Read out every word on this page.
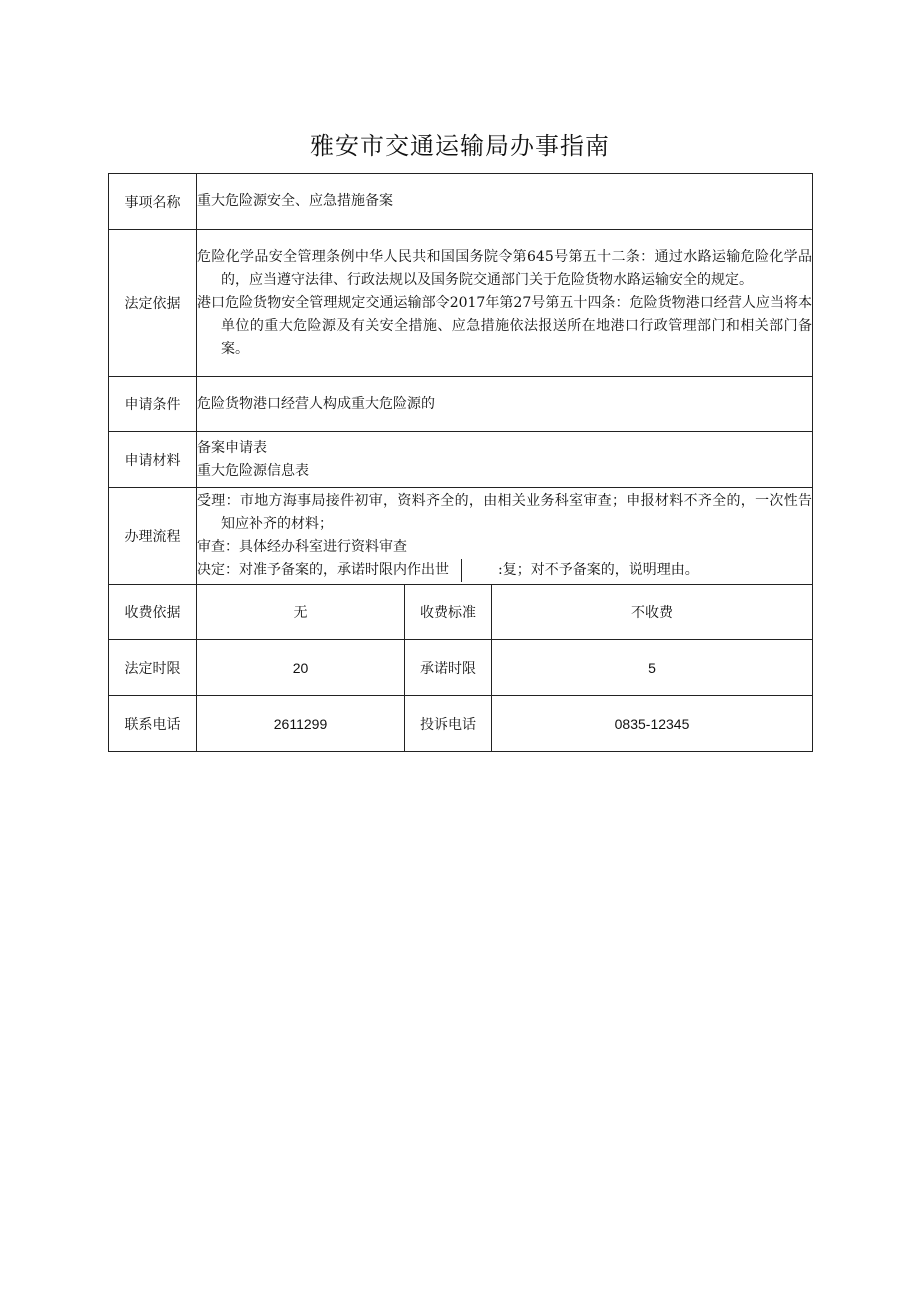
雅安市交通运输局办事指南
事项名称	重大危险源安全、应急措施备案		
法定依据	危险化学品安全管理条例中华人民共和国国务院令第645号第五十二条：通过水路运输危险化学品的，应当遵守法律、行政法规以及国务院交通部门关于危险货物水路运输安全的规定。
港口危险货物安全管理规定交通运输部令2017年第27号第五十四条：危险货物港口经营人应当将本单位的重大危险源及有关安全措施、应急措施依法报送所在地港口行政管理部门和相关部门备案。		

申请条件	危险货物港口经营人构成重大危险源的		
申请材料	备案申请表
重大危险源信息表		

办理流程	受理：市地方海事局接件初审，资料齐全的，由相关业务科室审查；申报材料不齐全的，一次性告知应补齐的材料；
审查：具体经办科室进行资料审查
决定：对准予备案的，承诺时限内作出世 :复；对不予备案的，说明理由。		

收费依据	无	收费标准	不收费
法定时限	20	承诺时限	5
联系电话	2611299	投诉电话	0835-12345
